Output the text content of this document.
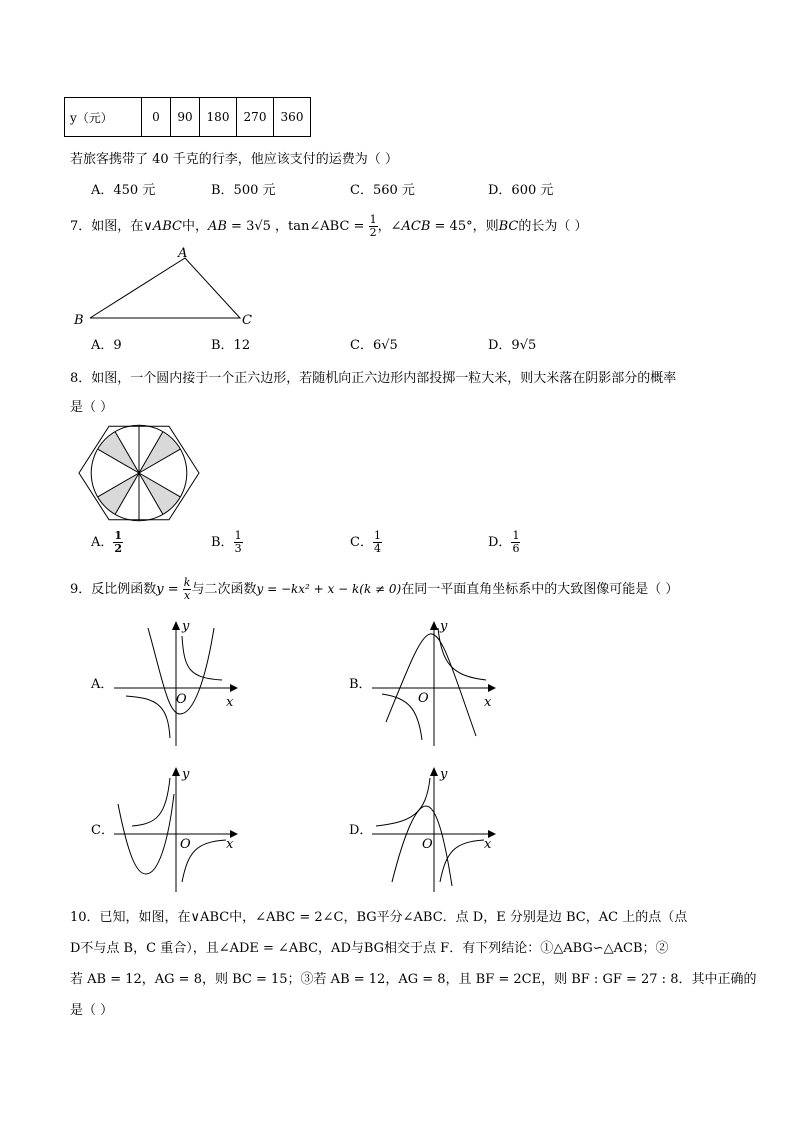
y（元）	0	90	180	270	360
若旅客携带了 40 千克的行李，他应该支付的运费为（ ）
A．450 元	B．500 元	C．560 元	D．600 元
7．如图，在∨ABC中，AB = 3√5 ，tan∠ABC = $\frac{1}{2}$ ，∠ACB = 45°，则BC的长为（ ）
A
B	C
A．9	B．12	C．6√5	D．9√5
8．如图，一个圆内接于一个正六边形，若随机向正六边形内部投掷一粒大米，则大米落在阴影部分的概率
是（ ）
A． $\frac{1}{2}$	B． $\frac{1}{3}$	C． $\frac{1}{4}$	D． $\frac{1}{6}$
9．反比例函数$y = \frac{k}{x}$ 与二次函数y = −kx² + x − k(k ≠ 0)在同一平面直角坐标系中的大致图像可能是（ ）
A．	B．
C．	D．
y
x
O
y
x
O
y
x
O
y
x
O
10．已知，如图，在∨ABC中，∠ABC = 2∠C，BG平分∠ABC．点 D，E 分别是边 BC，AC 上的点（点
D不与点 B，C 重合），且∠ADE = ∠ABC，AD与BG相交于点 F．有下列结论：①△ABG∽△ACB；②
若 AB = 12，AG = 8，则 BC = 15；③若 AB = 12，AG = 8，且 BF = 2CE，则 BF : GF = 27 : 8．其中正确的
是（ ）
